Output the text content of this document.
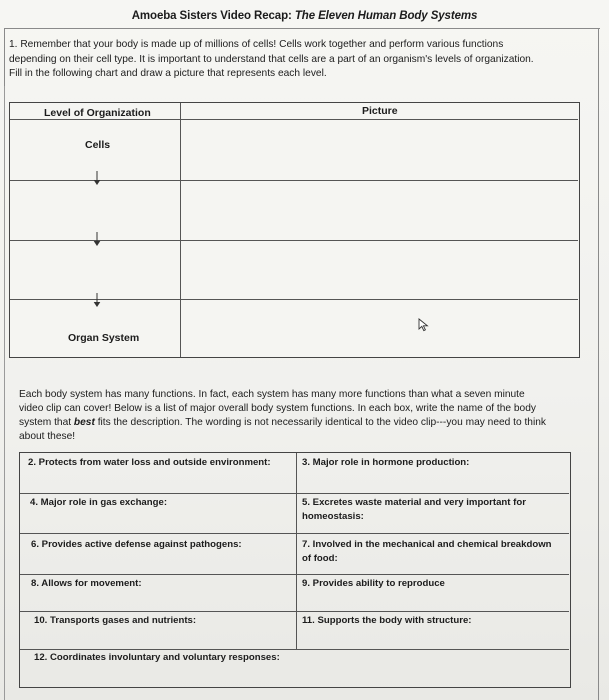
Amoeba Sisters Video Recap: The Eleven Human Body Systems

1. Remember that your body is made up of millions of cells! Cells work together and perform various functions

depending on their cell type. It is important to understand that cells are a part of an organism's levels of organization.

Fill in the following chart and draw a picture that represents each level.

Level of Organization	Picture
Cells
Organ System
Each body system has many functions. In fact, each system has many more functions than what a seven minute
video clip can cover! Below is a list of major overall body system functions. In each box, write the name of the body
system that best fits the description. The wording is not necessarily identical to the video clip---you may need to think
about these!
2. Protects from water loss and outside environment:	3. Major role in hormone production:
4. Major role in gas exchange:	5. Excretes waste material and very important for
homeostasis:
6. Provides active defense against pathogens:	7. Involved in the mechanical and chemical breakdown
of food:
8. Allows for movement:	9. Provides ability to reproduce
10. Transports gases and nutrients:	11. Supports the body with structure:
12. Coordinates involuntary and voluntary responses:
